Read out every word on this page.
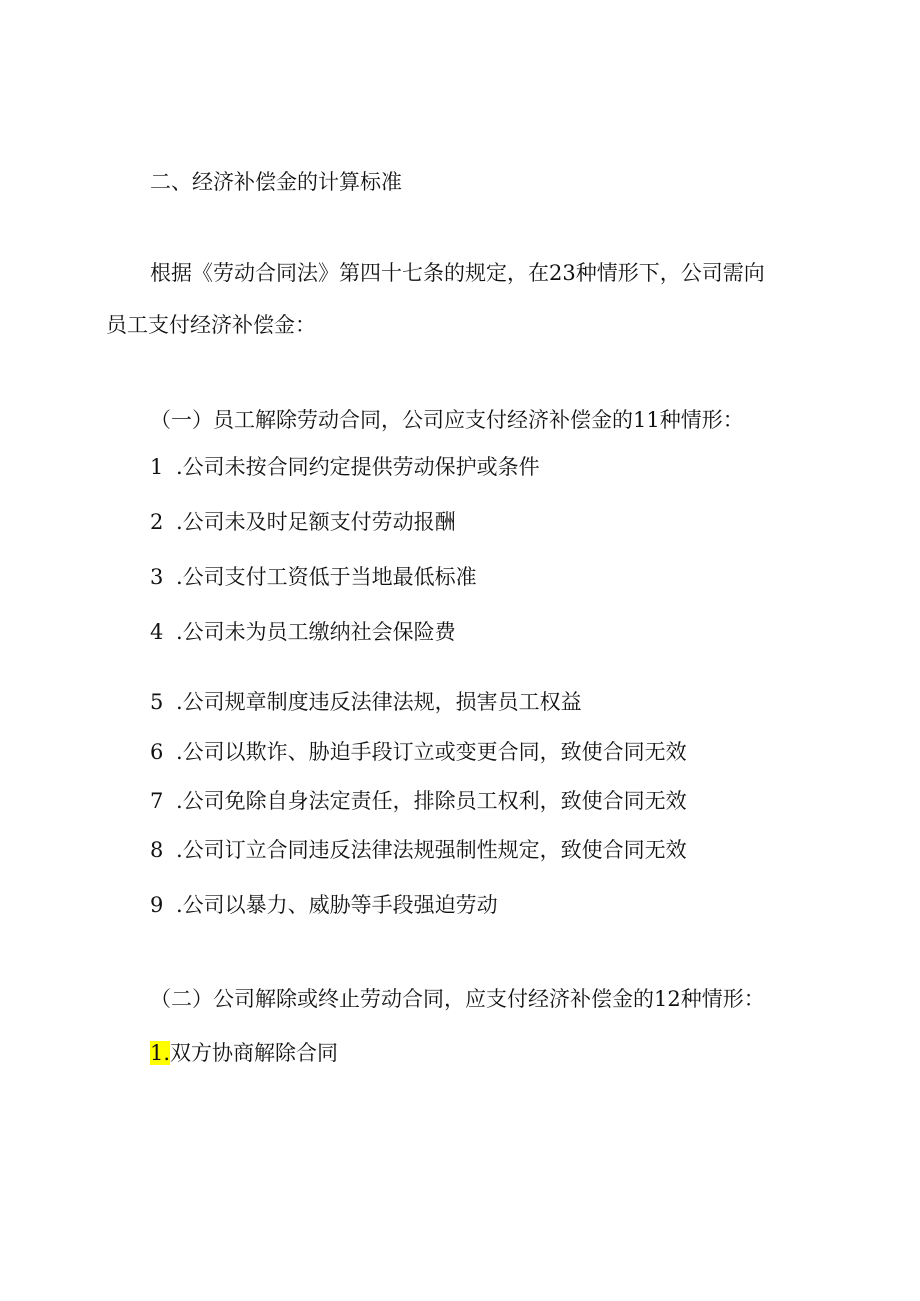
二、经济补偿金的计算标准
根据《劳动合同法》第四十七条的规定，在23种情形下，公司需向
员工支付经济补偿金：
（一）员工解除劳动合同，公司应支付经济补偿金的11种情形：
1 .公司未按合同约定提供劳动保护或条件
2 .公司未及时足额支付劳动报酬
3 .公司支付工资低于当地最低标准
4 .公司未为员工缴纳社会保险费
5 .公司规章制度违反法律法规，损害员工权益
6 .公司以欺诈、胁迫手段订立或变更合同，致使合同无效
7 .公司免除自身法定责任，排除员工权利，致使合同无效
8 .公司订立合同违反法律法规强制性规定，致使合同无效
9 .公司以暴力、威胁等手段强迫劳动
（二）公司解除或终止劳动合同，应支付经济补偿金的12种情形：
1.双方协商解除合同
